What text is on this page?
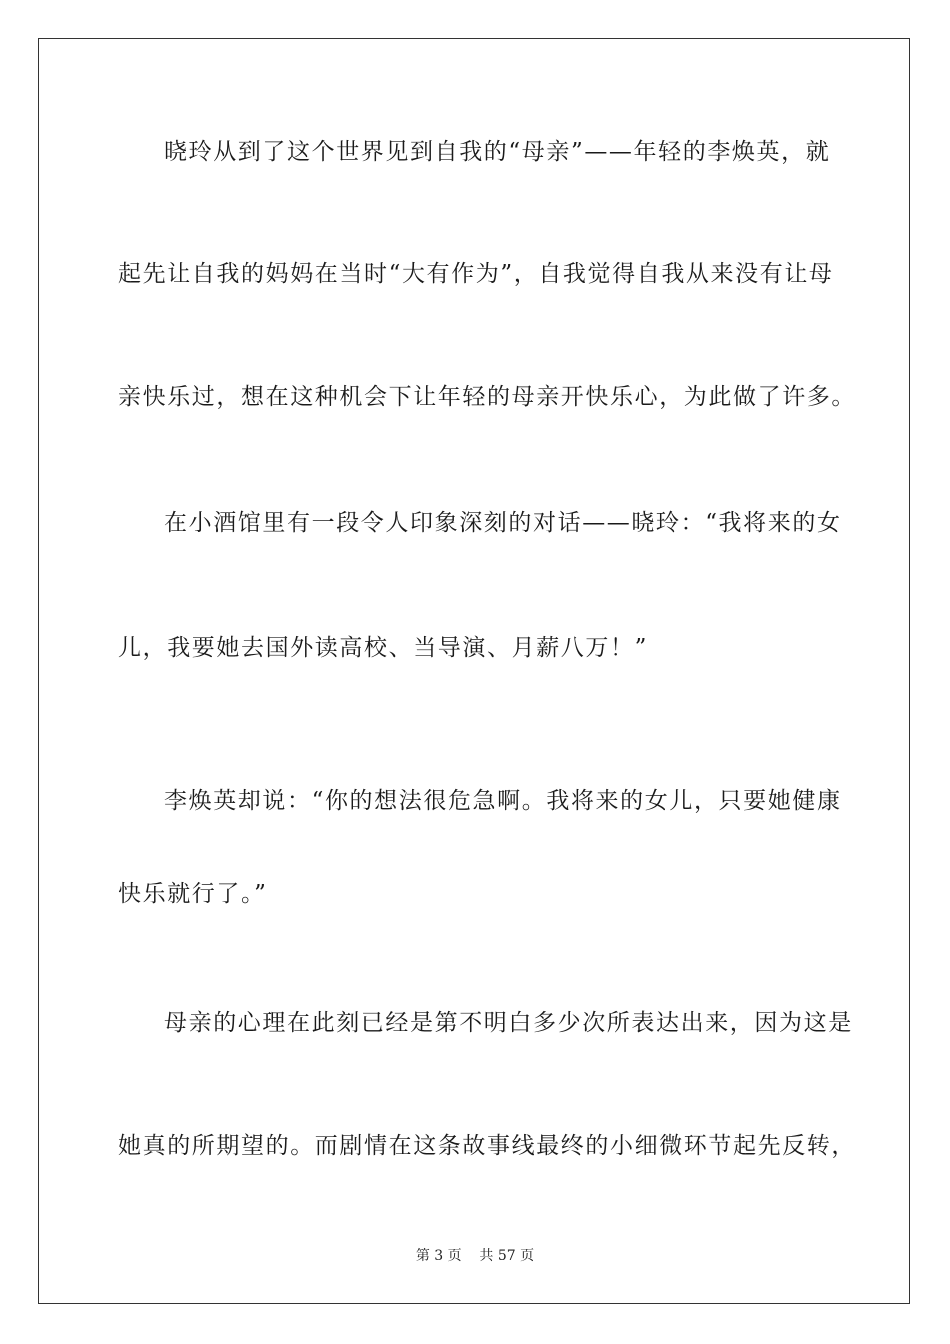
晓玲从到了这个世界见到自我的“母亲”——年轻的李焕英，就
起先让自我的妈妈在当时“大有作为”，自我觉得自我从来没有让母
亲快乐过，想在这种机会下让年轻的母亲开快乐心，为此做了许多。
在小酒馆里有一段令人印象深刻的对话——晓玲：“我将来的女
儿，我要她去国外读高校、当导演、月薪八万！”
李焕英却说：“你的想法很危急啊。我将来的女儿，只要她健康
快乐就行了。”
母亲的心理在此刻已经是第不明白多少次所表达出来，因为这是
她真的所期望的。而剧情在这条故事线最终的小细微环节起先反转，
第 3 页    共 57 页
